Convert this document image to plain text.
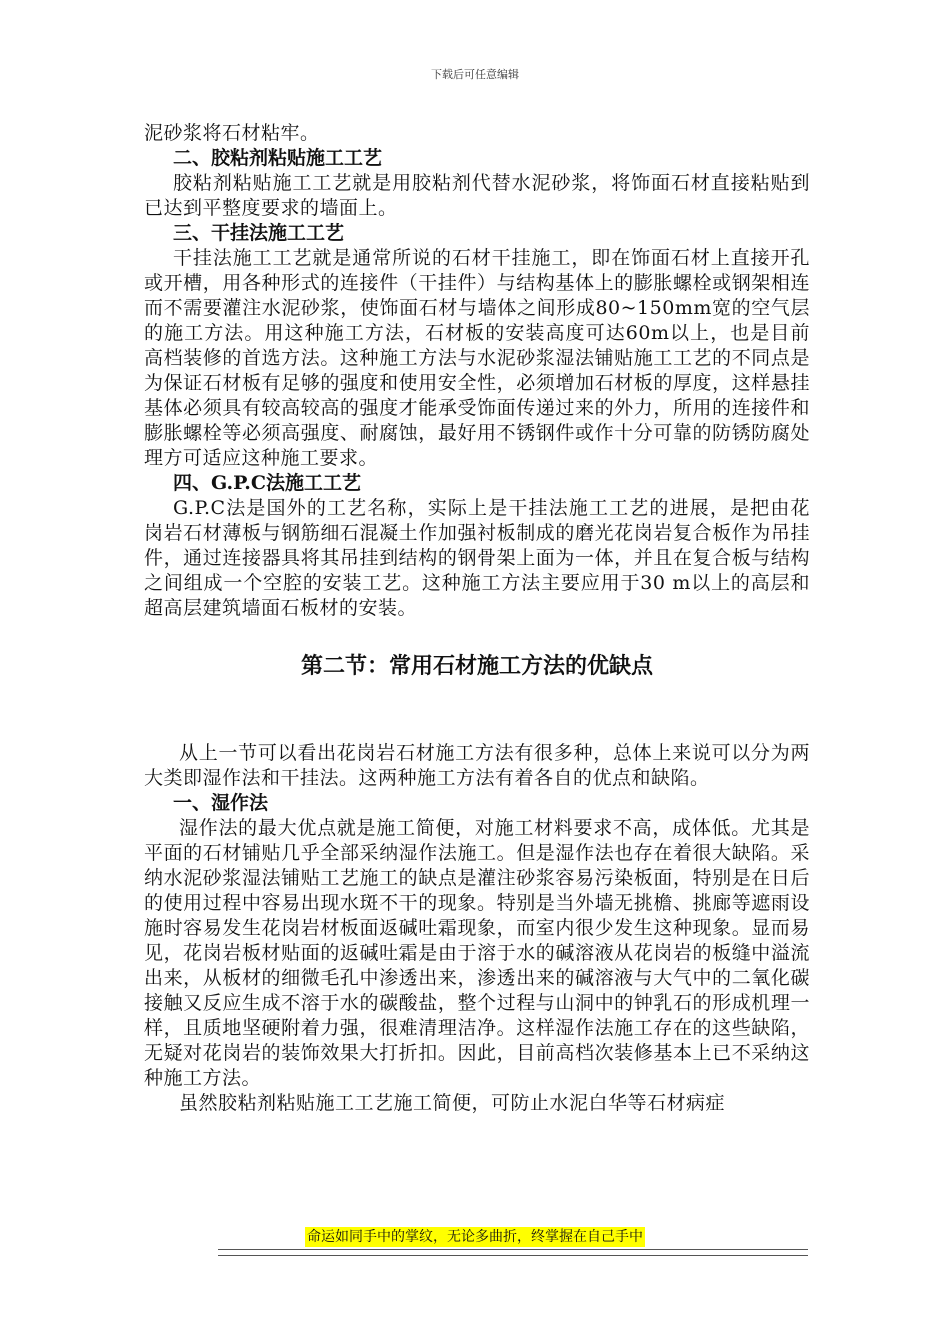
下载后可任意编辑

泥砂浆将石材粘牢。

二、胶粘剂粘贴施工工艺

胶粘剂粘贴施工工艺就是用胶粘剂代替水泥砂浆，将饰面石材直接粘贴到已达到平整度要求的墙面上。

三、干挂法施工工艺

干挂法施工工艺就是通常所说的石材干挂施工，即在饰面石材上直接开孔或开槽，用各种形式的连接件（干挂件）与结构基体上的膨胀螺栓或钢架相连而不需要灌注水泥砂浆，使饰面石材与墙体之间形成80~150mm宽的空气层的施工方法。用这种施工方法，石材板的安装高度可达60m以上，也是目前高档装修的首选方法。这种施工方法与水泥砂浆湿法铺贴施工工艺的不同点是为保证石材板有足够的强度和使用安全性，必须增加石材板的厚度，这样悬挂基体必须具有较高较高的强度才能承受饰面传递过来的外力，所用的连接件和膨胀螺栓等必须高强度、耐腐蚀，最好用不锈钢件或作十分可靠的防锈防腐处理方可适应这种施工要求。

四、G.P.C法施工工艺

G.P.C法是国外的工艺名称，实际上是干挂法施工工艺的进展，是把由花岗岩石材薄板与钢筋细石混凝土作加强衬板制成的磨光花岗岩复合板作为吊挂件，通过连接器具将其吊挂到结构的钢骨架上面为一体，并且在复合板与结构之间组成一个空腔的安装工艺。这种施工方法主要应用于30 m以上的高层和超高层建筑墙面石板材的安装。

第二节：常用石材施工方法的优缺点

从上一节可以看出花岗岩石材施工方法有很多种，总体上来说可以分为两大类即湿作法和干挂法。这两种施工方法有着各自的优点和缺陷。

一、湿作法

湿作法的最大优点就是施工简便，对施工材料要求不高，成体低。尤其是平面的石材铺贴几乎全部采纳湿作法施工。但是湿作法也存在着很大缺陷。采纳水泥砂浆湿法铺贴工艺施工的缺点是灌注砂浆容易污染板面，特别是在日后的使用过程中容易出现水斑不干的现象。特别是当外墙无挑檐、挑廊等遮雨设施时容易发生花岗岩材板面返碱吐霜现象，而室内很少发生这种现象。显而易见，花岗岩板材贴面的返碱吐霜是由于溶于水的碱溶液从花岗岩的板缝中溢流出来，从板材的细微毛孔中渗透出来，渗透出来的碱溶液与大气中的二氧化碳接触又反应生成不溶于水的碳酸盐，整个过程与山洞中的钟乳石的形成机理一样，且质地坚硬附着力强，很难清理洁净。这样湿作法施工存在的这些缺陷，无疑对花岗岩的装饰效果大打折扣。因此，目前高档次装修基本上已不采纳这种施工方法。

虽然胶粘剂粘贴施工工艺施工简便，可防止水泥白华等石材病症

命运如同手中的掌纹，无论多曲折，终掌握在自己手中
